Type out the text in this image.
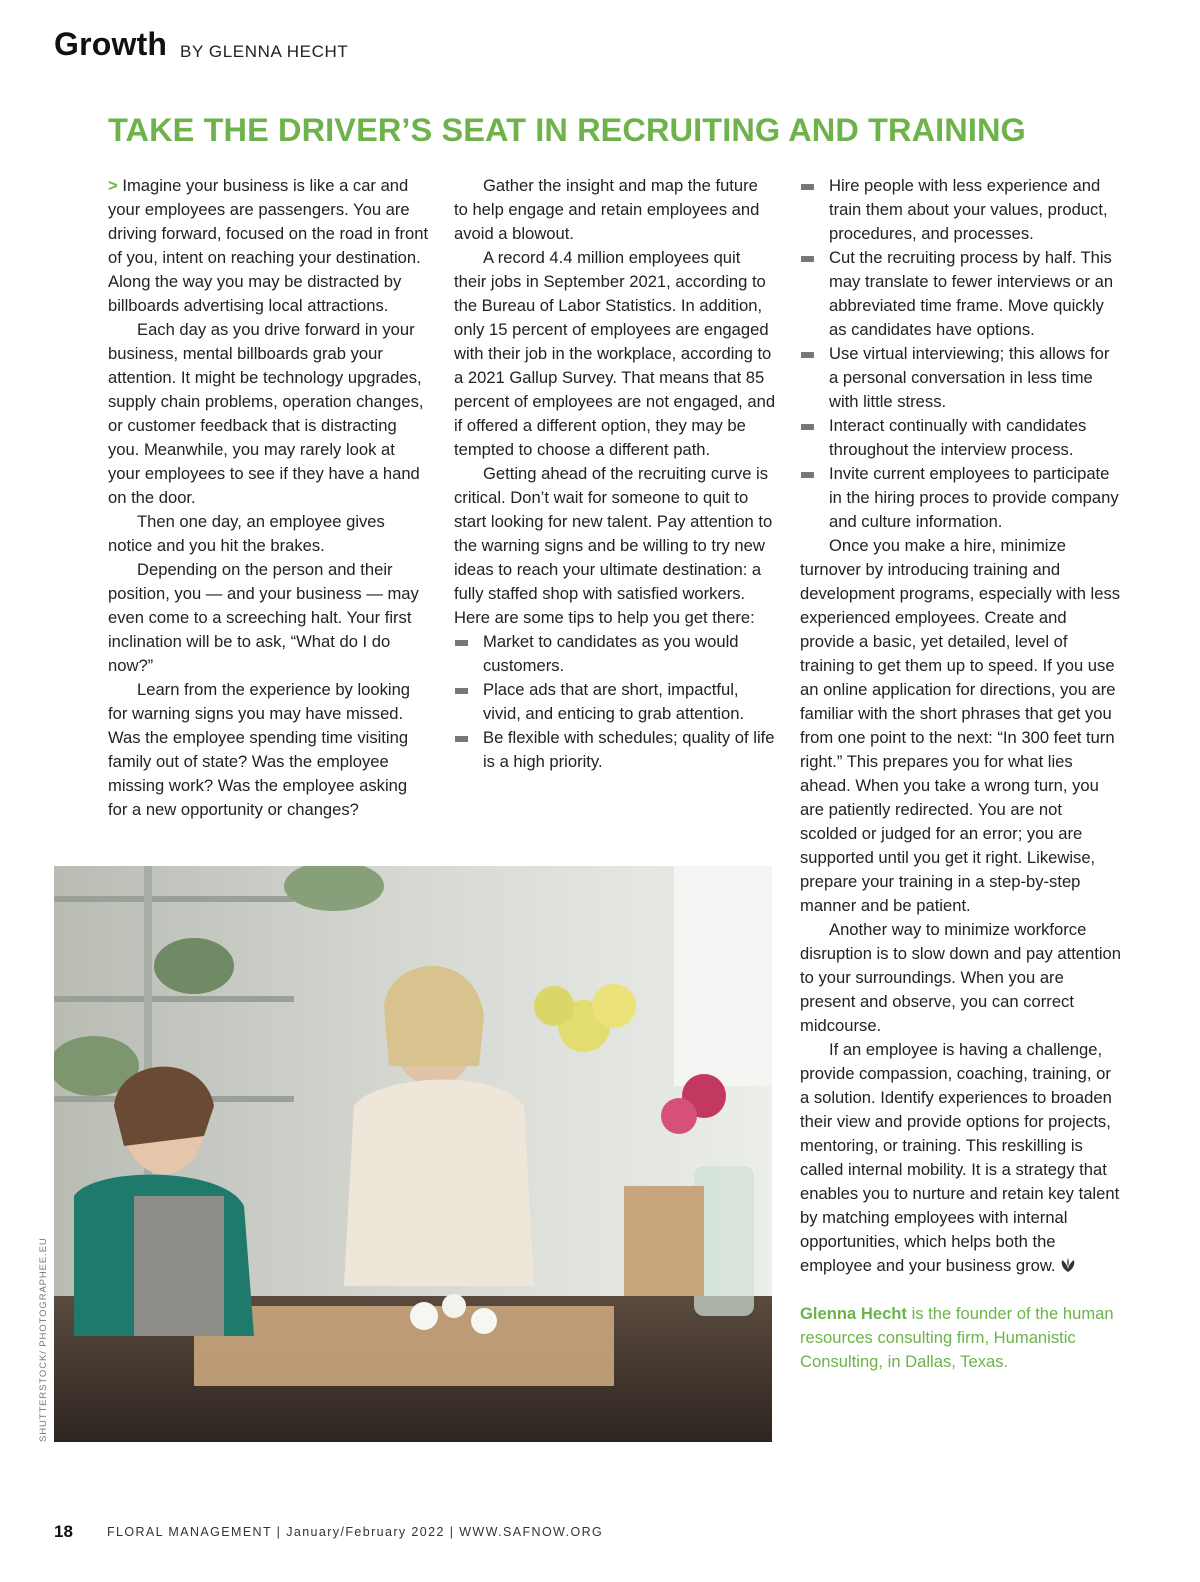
Growth BY GLENNA HECHT
TAKE THE DRIVER’S SEAT IN RECRUITING AND TRAINING

> Imagine your business is like a car and your employees are passengers. You are driving forward, focused on the road in front of you, intent on reaching your destination. Along the way you may be distracted by billboards advertising local attractions.

Each day as you drive forward in your business, mental billboards grab your attention. It might be technology upgrades, supply chain problems, operation changes, or customer feedback that is distracting you. Meanwhile, you may rarely look at your employees to see if they have a hand on the door.

Then one day, an employee gives notice and you hit the brakes.

Depending on the person and their position, you — and your business — may even come to a screeching halt. Your first inclination will be to ask, “What do I do now?”

Learn from the experience by looking for warning signs you may have missed. Was the employee spending time visiting family out of state? Was the employee missing work? Was the employee asking for a new opportunity or changes?

Gather the insight and map the future to help engage and retain employees and avoid a blowout.

A record 4.4 million employees quit their jobs in September 2021, according to the Bureau of Labor Statistics. In addition, only 15 percent of employees are engaged with their job in the workplace, according to a 2021 Gallup Survey. That means that 85 percent of employees are not engaged, and if offered a different option, they may be tempted to choose a different path.

Getting ahead of the recruiting curve is critical. Don’t wait for someone to quit to start looking for new talent. Pay attention to the warning signs and be willing to try new ideas to reach your ultimate destination: a fully staffed shop with satisfied workers. Here are some tips to help you get there:

Market to candidates as you would customers.
Place ads that are short, impactful, vivid, and enticing to grab attention.
Be flexible with schedules; quality of life is a high priority.
Hire people with less experience and train them about your values, product, procedures, and processes.
Cut the recruiting process by half. This may translate to fewer interviews or an abbreviated time frame. Move quickly as candidates have options.
Use virtual interviewing; this allows for a personal conversation in less time with little stress.
Interact continually with candidates throughout the interview process.
Invite current employees to participate in the hiring proces to provide company and culture information.

Once you make a hire, minimize turnover by introducing training and development programs, especially with less experienced employees. Create and provide a basic, yet detailed, level of training to get them up to speed. If you use an online application for directions, you are familiar with the short phrases that get you from one point to the next: “In 300 feet turn right.” This prepares you for what lies ahead. When you take a wrong turn, you are patiently redirected. You are not scolded or judged for an error; you are supported until you get it right. Likewise, prepare your training in a step-by-step manner and be patient.

Another way to minimize workforce disruption is to slow down and pay attention to your surroundings. When you are present and observe, you can correct midcourse.

If an employee is having a challenge, provide compassion, coaching, training, or a solution. Identify experiences to broaden their view and provide options for projects, mentoring, or training. This reskilling is called internal mobility. It is a strategy that enables you to nurture and retain key talent by matching employees with internal opportunities, which helps both the employee and your business grow.

Glenna Hecht is the founder of the human resources consulting firm, Humanistic Consulting, in Dallas, Texas.

SHUTTERSTOCK/ PHOTOGRAPHEE.EU
18	FLORAL MANAGEMENT | January/February 2022 | WWW.SAFNOW.ORG
